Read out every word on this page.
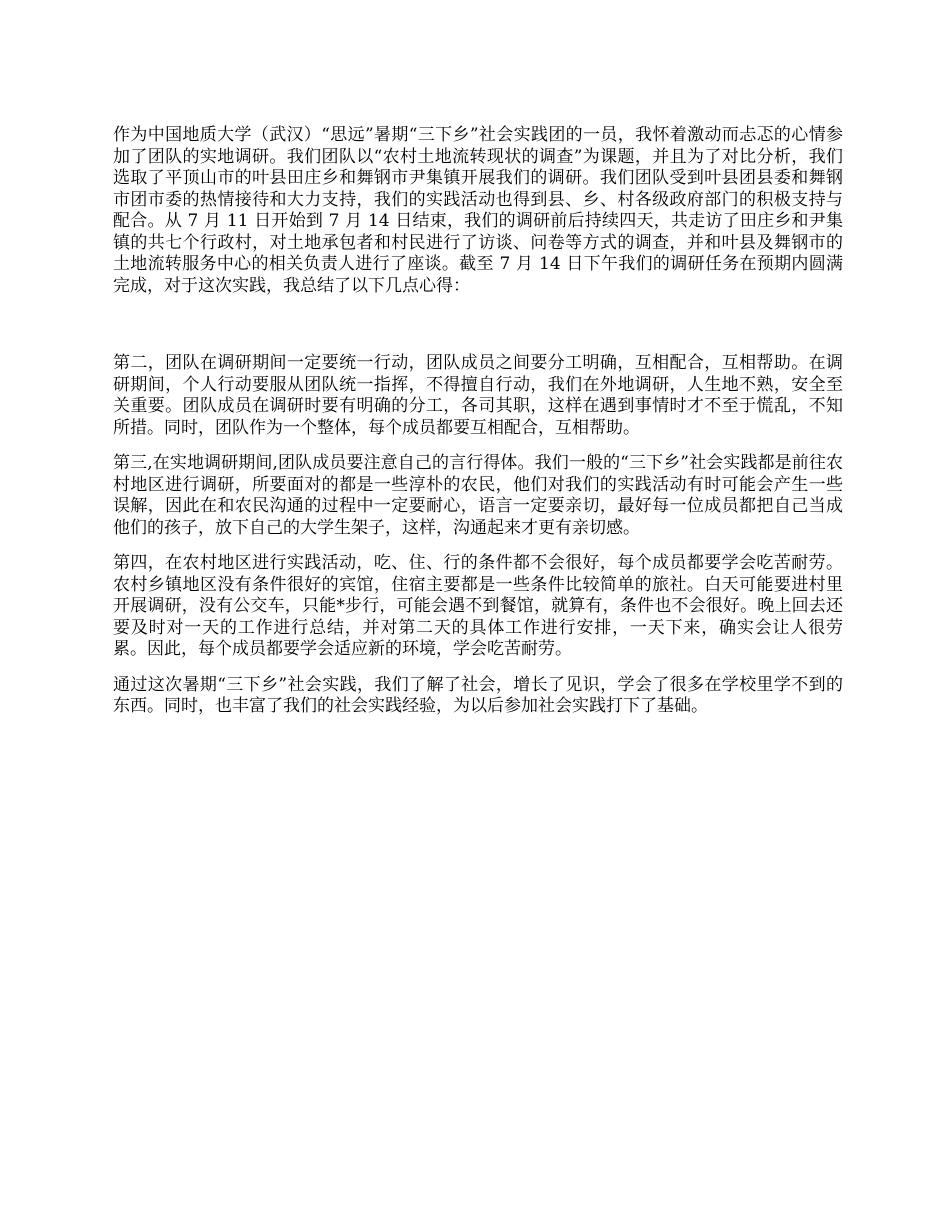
作为中国地质大学（武汉）“思远”暑期“三下乡”社会实践团的一员，我怀着激动而忐忑的心情参加了团队的实地调研。我们团队以“农村土地流转现状的调查”为课题，并且为了对比分析，我们选取了平顶山市的叶县田庄乡和舞钢市尹集镇开展我们的调研。我们团队受到叶县团县委和舞钢市团市委的热情接待和大力支持，我们的实践活动也得到县、乡、村各级政府部门的积极支持与配合。从 7 月 11 日开始到 7 月 14 日结束，我们的调研前后持续四天，共走访了田庄乡和尹集镇的共七个行政村，对土地承包者和村民进行了访谈、问卷等方式的调查，并和叶县及舞钢市的土地流转服务中心的相关负责人进行了座谈。截至 7 月 14 日下午我们的调研任务在预期内圆满完成，对于这次实践，我总结了以下几点心得：

第二，团队在调研期间一定要统一行动，团队成员之间要分工明确，互相配合，互相帮助。在调研期间，个人行动要服从团队统一指挥，不得擅自行动，我们在外地调研，人生地不熟，安全至关重要。团队成员在调研时要有明确的分工，各司其职，这样在遇到事情时才不至于慌乱，不知所措。同时，团队作为一个整体，每个成员都要互相配合，互相帮助。

第三,在实地调研期间,团队成员要注意自己的言行得体。我们一般的“三下乡”社会实践都是前往农村地区进行调研，所要面对的都是一些淳朴的农民，他们对我们的实践活动有时可能会产生一些误解，因此在和农民沟通的过程中一定要耐心，语言一定要亲切，最好每一位成员都把自己当成他们的孩子，放下自己的大学生架子，这样，沟通起来才更有亲切感。

第四，在农村地区进行实践活动，吃、住、行的条件都不会很好，每个成员都要学会吃苦耐劳。农村乡镇地区没有条件很好的宾馆，住宿主要都是一些条件比较简单的旅社。白天可能要进村里开展调研，没有公交车，只能*步行，可能会遇不到餐馆，就算有，条件也不会很好。晚上回去还要及时对一天的工作进行总结，并对第二天的具体工作进行安排，一天下来，确实会让人很劳累。因此，每个成员都要学会适应新的环境，学会吃苦耐劳。

通过这次暑期“三下乡”社会实践，我们了解了社会，增长了见识，学会了很多在学校里学不到的东西。同时，也丰富了我们的社会实践经验，为以后参加社会实践打下了基础。
